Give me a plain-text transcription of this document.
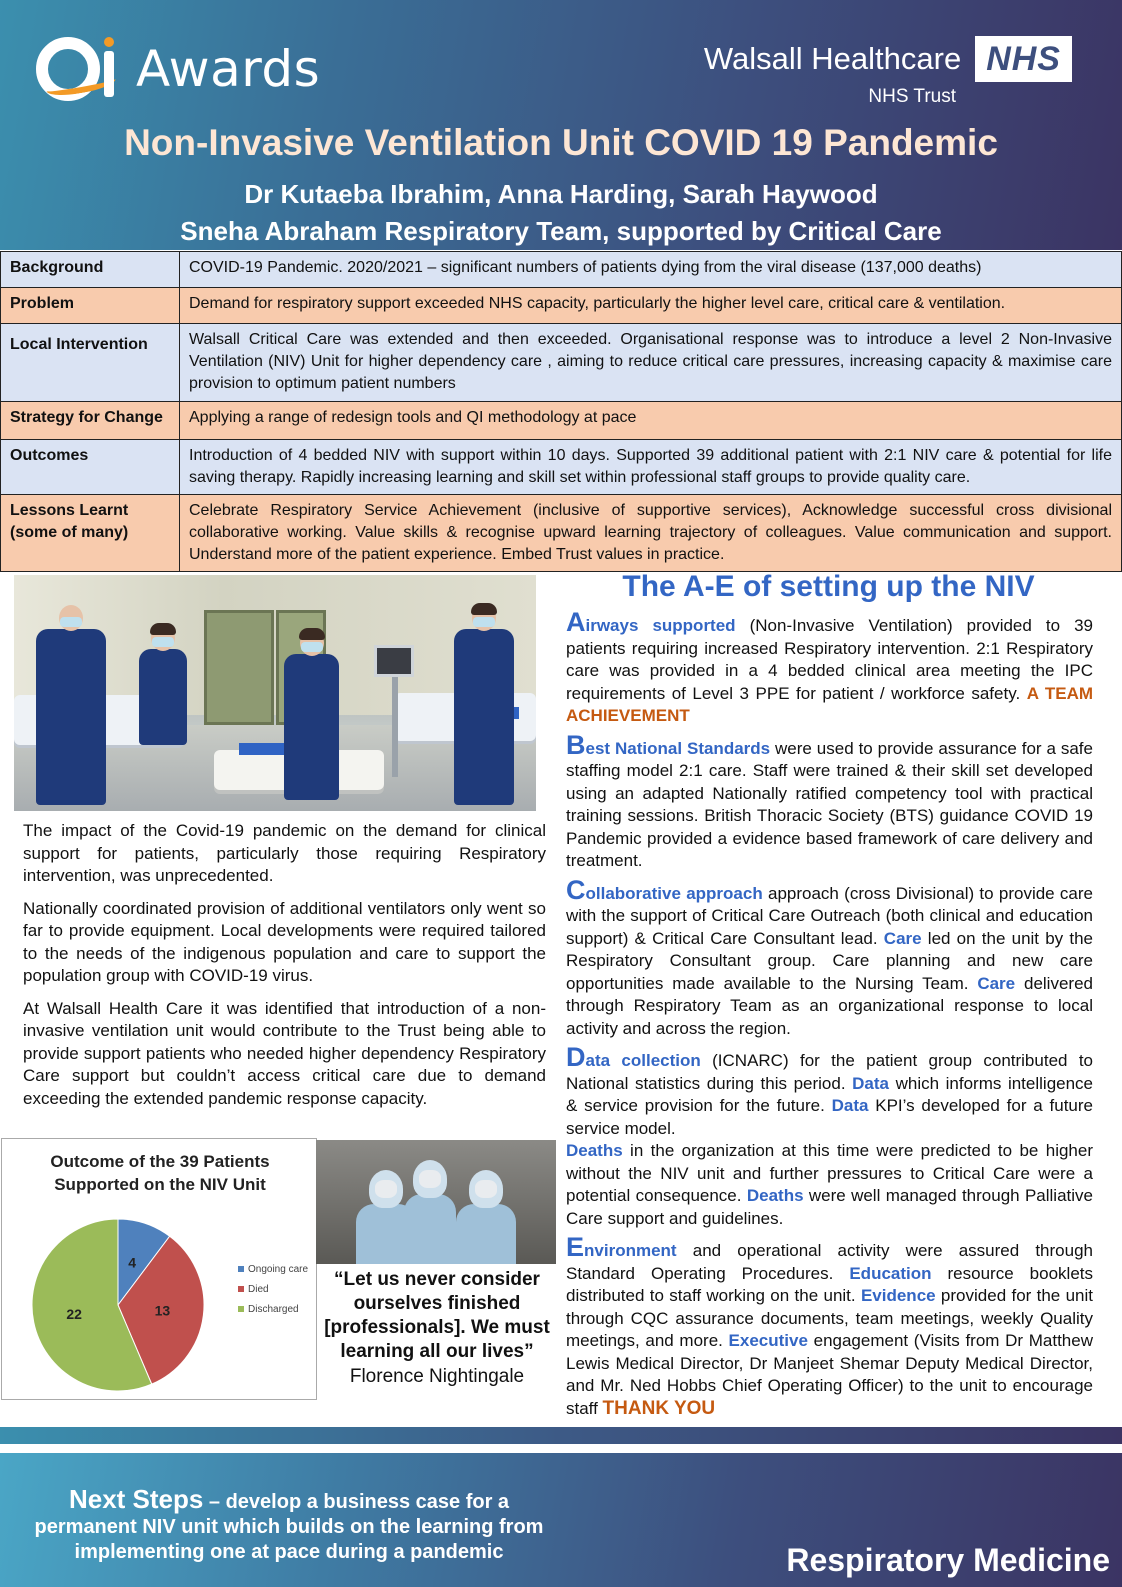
Awards	Walsall Healthcare NHS
NHS Trust
Non-Invasive Ventilation Unit COVID 19 Pandemic
Dr Kutaeba Ibrahim, Anna Harding, Sarah Haywood
Sneha Abraham Respiratory Team, supported by Critical Care
Background	COVID-19 Pandemic. 2020/2021 – significant numbers of patients dying from the viral disease (137,000 deaths)
Problem	Demand for respiratory support exceeded NHS capacity, particularly the higher level care, critical care & ventilation.
Local Intervention	Walsall Critical Care was extended and then exceeded. Organisational response was to introduce a level 2 Non-Invasive Ventilation (NIV) Unit for higher dependency care , aiming to reduce critical care pressures, increasing capacity & maximise care provision to optimum patient numbers
Strategy for Change	Applying a range of redesign tools and QI methodology at pace
Outcomes	Introduction of 4 bedded NIV with support within 10 days. Supported 39 additional patient with 2:1 NIV care & potential for life saving therapy. Rapidly increasing learning and skill set within professional staff groups to provide quality care.
Lessons Learnt (some of many)	Celebrate Respiratory Service Achievement (inclusive of supportive services), Acknowledge successful cross divisional collaborative working. Value skills & recognise upward learning trajectory of colleagues. Value communication and support. Understand more of the patient experience. Embed Trust values in practice.

The impact of the Covid-19 pandemic on the demand for clinical support for patients, particularly those requiring Respiratory intervention, was unprecedented.

Nationally coordinated provision of additional ventilators only went so far to provide equipment. Local developments were required tailored to the needs of the indigenous population and care to support the population group with COVID-19 virus.

At Walsall Health Care it was identified that introduction of a non-invasive ventilation unit would contribute to the Trust being able to provide support patients who needed higher dependency Respiratory Care support but couldn’t access critical care due to demand exceeding the extended pandemic response capacity.

Outcome of the 39 Patients
Supported on the NIV Unit
4
13
22
Ongoing care
Died
Discharged
“Let us never consider ourselves finished [professionals]. We must learning all our lives”
Florence Nightingale
The A-E of setting up the NIV

Airways supported (Non-Invasive Ventilation) provided to 39 patients requiring increased Respiratory intervention. 2:1 Respiratory care was provided in a 4 bedded clinical area meeting the IPC requirements of Level 3 PPE for patient / workforce safety. A TEAM ACHIEVEMENT

Best National Standards were used to provide assurance for a safe staffing model 2:1 care. Staff were trained & their skill set developed using an adapted Nationally ratified competency tool with practical training sessions. British Thoracic Society (BTS) guidance COVID 19 Pandemic provided a evidence based framework of care delivery and treatment.

Collaborative approach approach (cross Divisional) to provide care with the support of Critical Care Outreach (both clinical and education support) & Critical Care Consultant lead. Care led on the unit by the Respiratory Consultant group. Care planning and new care opportunities made available to the Nursing Team. Care delivered through Respiratory Team as an organizational response to local activity and across the region.

Data collection (ICNARC) for the patient group contributed to National statistics during this period. Data which informs intelligence & service provision for the future. Data KPI’s developed for a future service model.

Deaths in the organization at this time were predicted to be higher without the NIV unit and further pressures to Critical Care were a potential consequence. Deaths were well managed through Palliative Care support and guidelines.

Environment and operational activity were assured through Standard Operating Procedures. Education resource booklets distributed to staff working on the unit. Evidence provided for the unit through CQC assurance documents, team meetings, weekly Quality meetings, and more. Executive engagement (Visits from Dr Matthew Lewis Medical Director, Dr Manjeet Shemar Deputy Medical Director, and Mr. Ned Hobbs Chief Operating Officer) to the unit to encourage staff THANK YOU

Next Steps – develop a business case for a permanent NIV unit which builds on the learning from implementing one at pace during a pandemic	Respiratory Medicine
